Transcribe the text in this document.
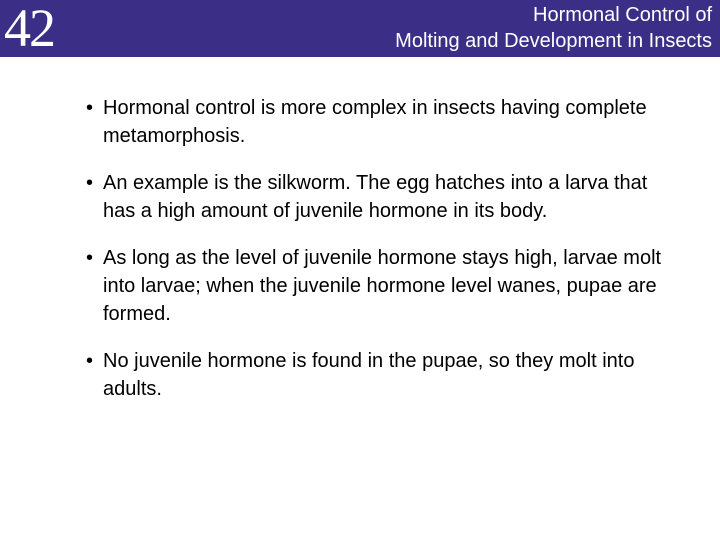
42	Hormonal Control of
Molting and Development in Insects
• Hormonal control is more complex in insects having complete metamorphosis.
• An example is the silkworm. The egg hatches into a larva that has a high amount of juvenile hormone in its body.
• As long as the level of juvenile hormone stays high, larvae molt into larvae; when the juvenile hormone level wanes, pupae are formed.
• No juvenile hormone is found in the pupae, so they molt into adults.
